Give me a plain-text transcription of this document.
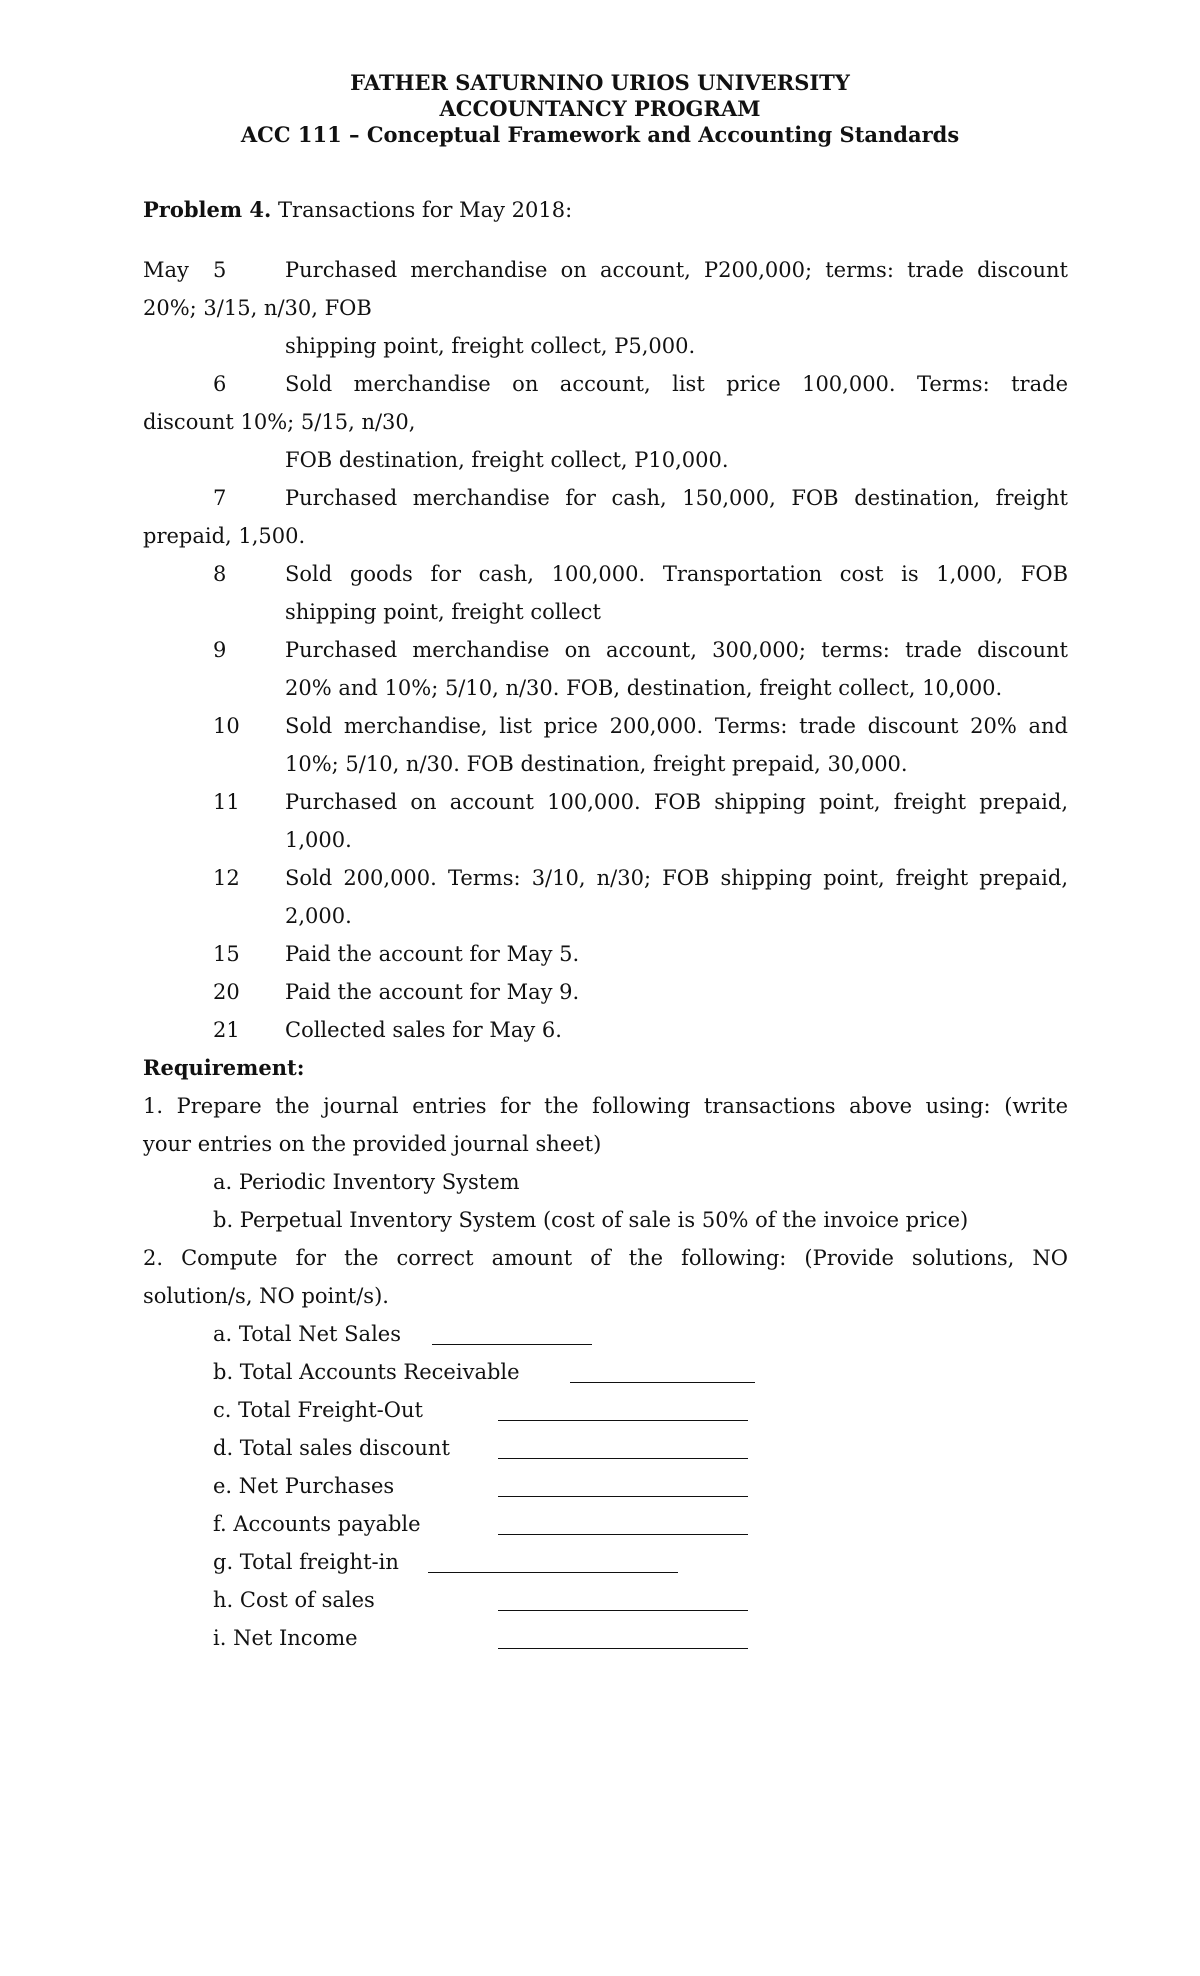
FATHER SATURNINO URIOS UNIVERSITY
ACCOUNTANCY PROGRAM
ACC 111 – Conceptual Framework and Accounting Standards
Problem 4. Transactions for May 2018:
May 5	Purchased merchandise on account, P200,000; terms: trade discount
20%; 3/15, n/30, FOB
shipping point, freight collect, P5,000.
6	Sold merchandise on account, list price 100,000. Terms: trade
discount 10%; 5/15, n/30,
FOB destination, freight collect, P10,000.
7	Purchased merchandise for cash, 150,000, FOB destination, freight
prepaid, 1,500.
8	Sold goods for cash, 100,000. Transportation cost is 1,000, FOB
shipping point, freight collect
9	Purchased merchandise on account, 300,000; terms: trade discount
20% and 10%; 5/10, n/30. FOB, destination, freight collect, 10,000.
10 Sold merchandise, list price 200,000. Terms: trade discount 20% and
10%; 5/10, n/30. FOB destination, freight prepaid, 30,000.
11 Purchased on account 100,000. FOB shipping point, freight prepaid,
1,000.
12 Sold 200,000. Terms: 3/10, n/30; FOB shipping point, freight prepaid,
2,000.
15 Paid the account for May 5.
20 Paid the account for May 9.
21 Collected sales for May 6.
Requirement:
1. Prepare the journal entries for the following transactions above using: (write
your entries on the provided journal sheet)
a. Periodic Inventory System
b. Perpetual Inventory System (cost of sale is 50% of the invoice price)
2. Compute for the correct amount of the following: (Provide solutions, NO
solution/s, NO point/s).
a. Total Net Sales
b. Total Accounts Receivable
c. Total Freight-Out
d. Total sales discount
e. Net Purchases
f. Accounts payable
g. Total freight-in
h. Cost of sales
i. Net Income
